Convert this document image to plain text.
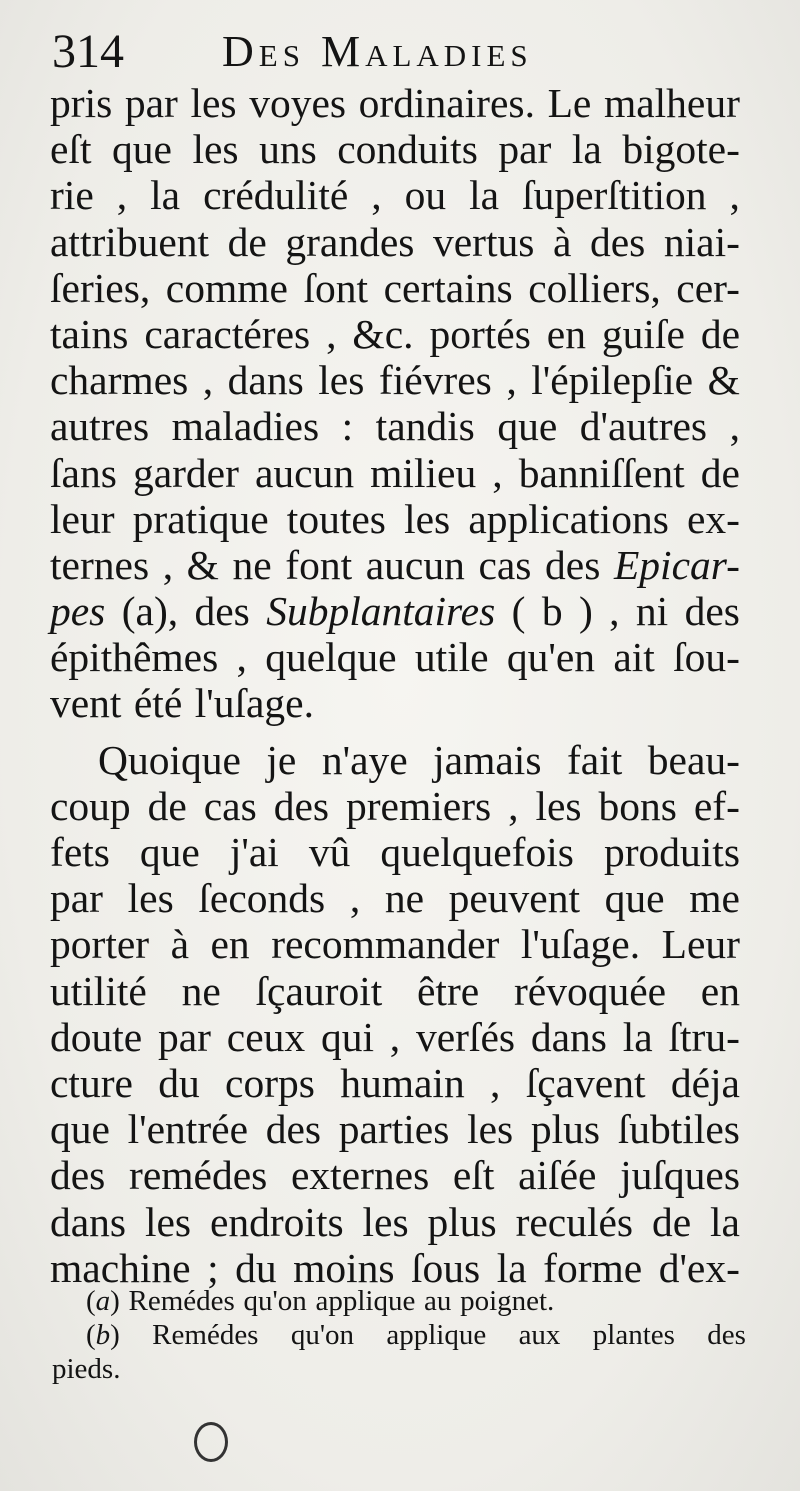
314 Des Maladies
pris par les voyes ordinaires. Le malheur
eſt que les uns conduits par la bigote-
rie , la crédulité , ou la ſuperſtition ,
attribuent de grandes vertus à des niai-
ſeries, comme ſont certains colliers, cer-
tains caractéres , &c. portés en guiſe de
charmes , dans les fiévres , l'épilepſie &
autres maladies : tandis que d'autres ,
ſans garder aucun milieu , banniſſent de
leur pratique toutes les applications ex-
ternes , & ne font aucun cas des Epicar-
pes (a), des Subplantaires ( b ) , ni des
épithêmes , quelque utile qu'en ait ſou-
vent été l'uſage.
Quoique je n'aye jamais fait beau-
coup de cas des premiers , les bons ef-
fets que j'ai vû quelquefois produits
par les ſeconds , ne peuvent que me
porter à en recommander l'uſage. Leur
utilité ne ſçauroit être révoquée en
doute par ceux qui , verſés dans la ſtru-
cture du corps humain , ſçavent déja
que l'entrée des parties les plus ſubtiles
des remédes externes eſt aiſée juſques
dans les endroits les plus reculés de la
machine ; du moins ſous la forme d'ex-
(a) Remédes qu'on applique au poignet.
(b) Remédes qu'on applique aux plantes des
pieds.
